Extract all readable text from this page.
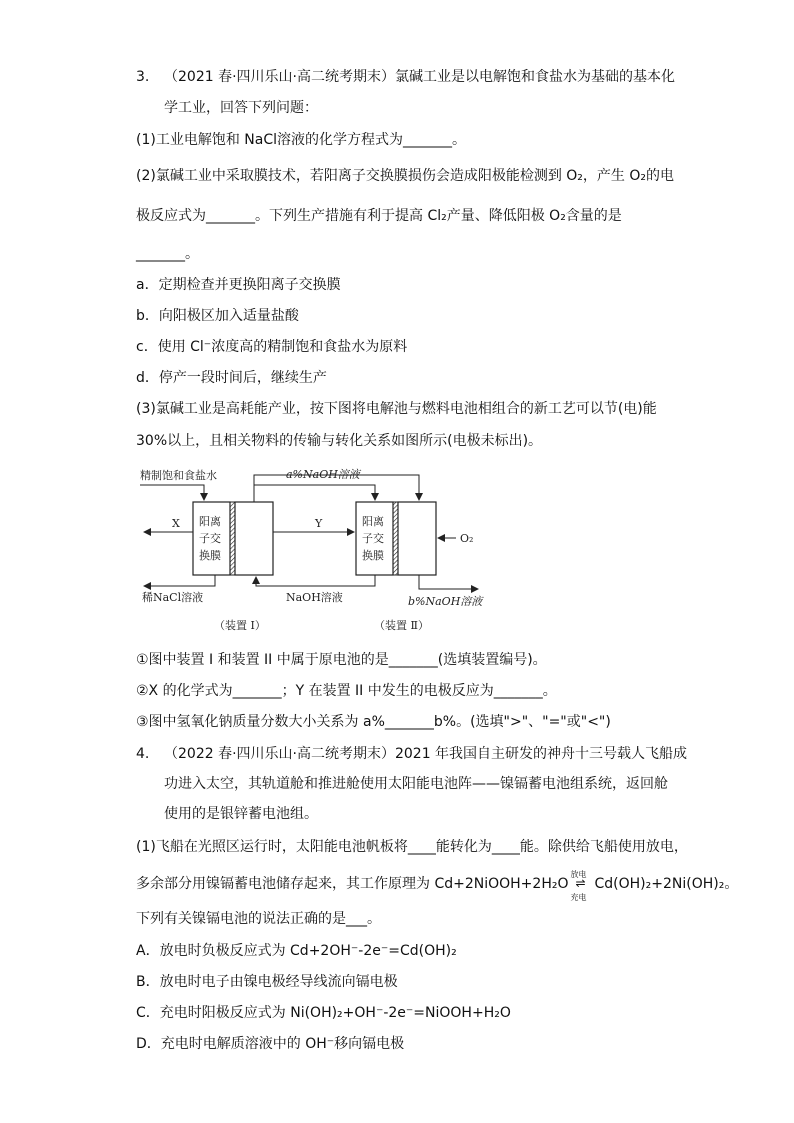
3. （2021 春·四川乐山·高二统考期末）氯碱工业是以电解饱和食盐水为基础的基本化
学工业，回答下列问题：
(1)工业电解饱和 NaCl溶液的化学方程式为_______。
(2)氯碱工业中采取膜技术，若阳离子交换膜损伤会造成阳极能检测到 O₂，产生 O₂的电
极反应式为_______。下列生产措施有利于提高 Cl₂产量、降低阳极 O₂含量的是
_______。
a．定期检查并更换阳离子交换膜
b．向阳极区加入适量盐酸
c．使用 Cl⁻浓度高的精制饱和食盐水为原料
d．停产一段时间后，继续生产
(3)氯碱工业是高耗能产业，按下图将电解池与燃料电池相组合的新工艺可以节(电)能
30%以上，且相关物料的传输与转化关系如图所示(电极未标出)。
精制饱和食盐水	a%NaOH溶液
阳离
子交
换膜
阳离
子交
换膜
X	Y
O₂
稀NaCl溶液	NaOH溶液	b%NaOH溶液
（装置 Ⅰ）	（装置 Ⅱ）
①图中装置 I 和装置 II 中属于原电池的是_______(选填装置编号)。
②X 的化学式为_______；Y 在装置 II 中发生的电极反应为_______。
③图中氢氧化钠质量分数大小关系为 a%_______b%。(选填">"、"="或"<")
4. （2022 春·四川乐山·高二统考期末）2021 年我国自主研发的神舟十三号载人飞船成
功进入太空，其轨道舱和推进舱使用太阳能电池阵——镍镉蓄电池组系统，返回舱
使用的是银锌蓄电池组。
(1)飞船在光照区运行时，太阳能电池帆板将____能转化为____能。除供给飞船使用放电，
多余部分用镍镉蓄电池储存起来，其工作原理为 Cd+2NiOOH+2H₂O
放电
⇌
充电
Cd(OH)₂+2Ni(OH)₂。
下列有关镍镉电池的说法正确的是___。
A．放电时负极反应式为 Cd+2OH⁻-2e⁻=Cd(OH)₂
B．放电时电子由镍电极经导线流向镉电极
C．充电时阳极反应式为 Ni(OH)₂+OH⁻-2e⁻=NiOOH+H₂O
D．充电时电解质溶液中的 OH⁻移向镉电极
